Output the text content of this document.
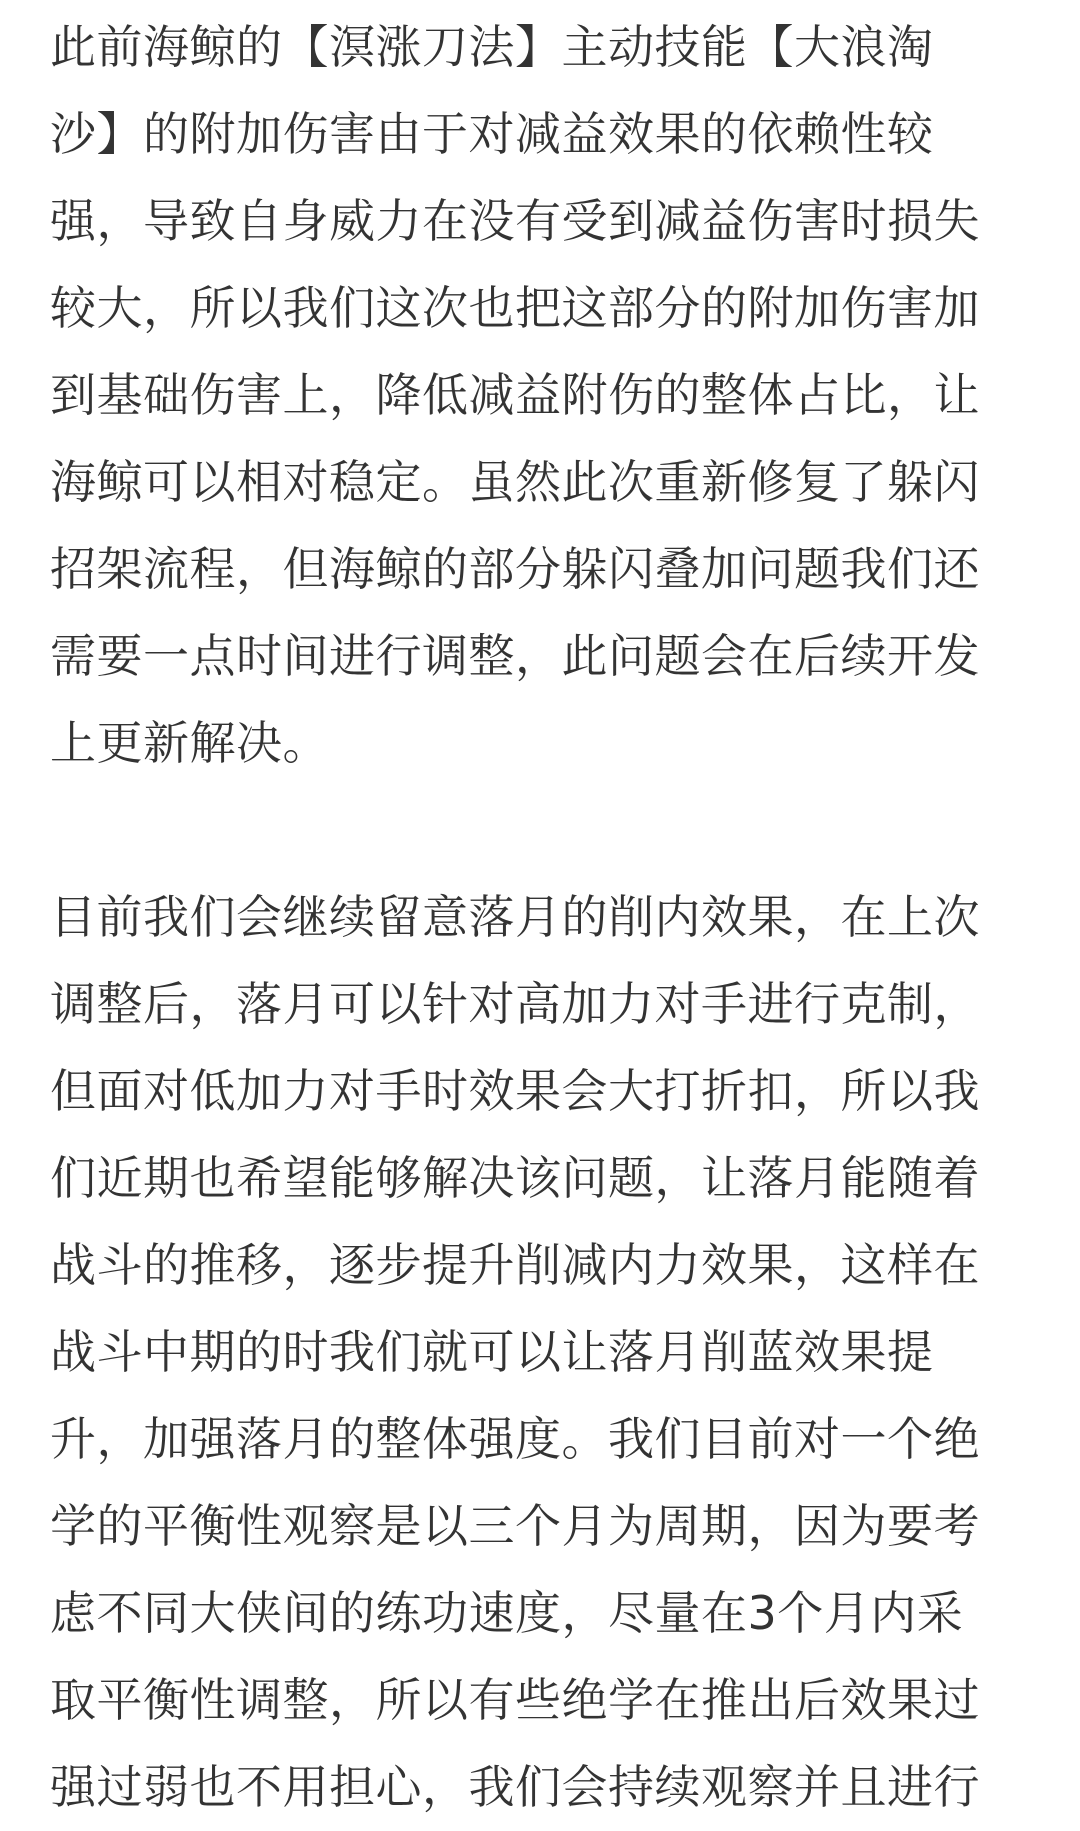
此前海鲸的【溟涨刀法】主动技能【大浪淘
沙】的附加伤害由于对减益效果的依赖性较
强，导致自身威力在没有受到减益伤害时损失
较大，所以我们这次也把这部分的附加伤害加
到基础伤害上，降低减益附伤的整体占比，让
海鲸可以相对稳定。虽然此次重新修复了躲闪
招架流程，但海鲸的部分躲闪叠加问题我们还
需要一点时间进行调整，此问题会在后续开发
上更新解决。
目前我们会继续留意落月的削内效果，在上次
调整后，落月可以针对高加力对手进行克制，
但面对低加力对手时效果会大打折扣，所以我
们近期也希望能够解决该问题，让落月能随着
战斗的推移，逐步提升削减内力效果，这样在
战斗中期的时我们就可以让落月削蓝效果提
升，加强落月的整体强度。我们目前对一个绝
学的平衡性观察是以三个月为周期，因为要考
虑不同大侠间的练功速度，尽量在3个月内采
取平衡性调整，所以有些绝学在推出后效果过
强过弱也不用担心，我们会持续观察并且进行
